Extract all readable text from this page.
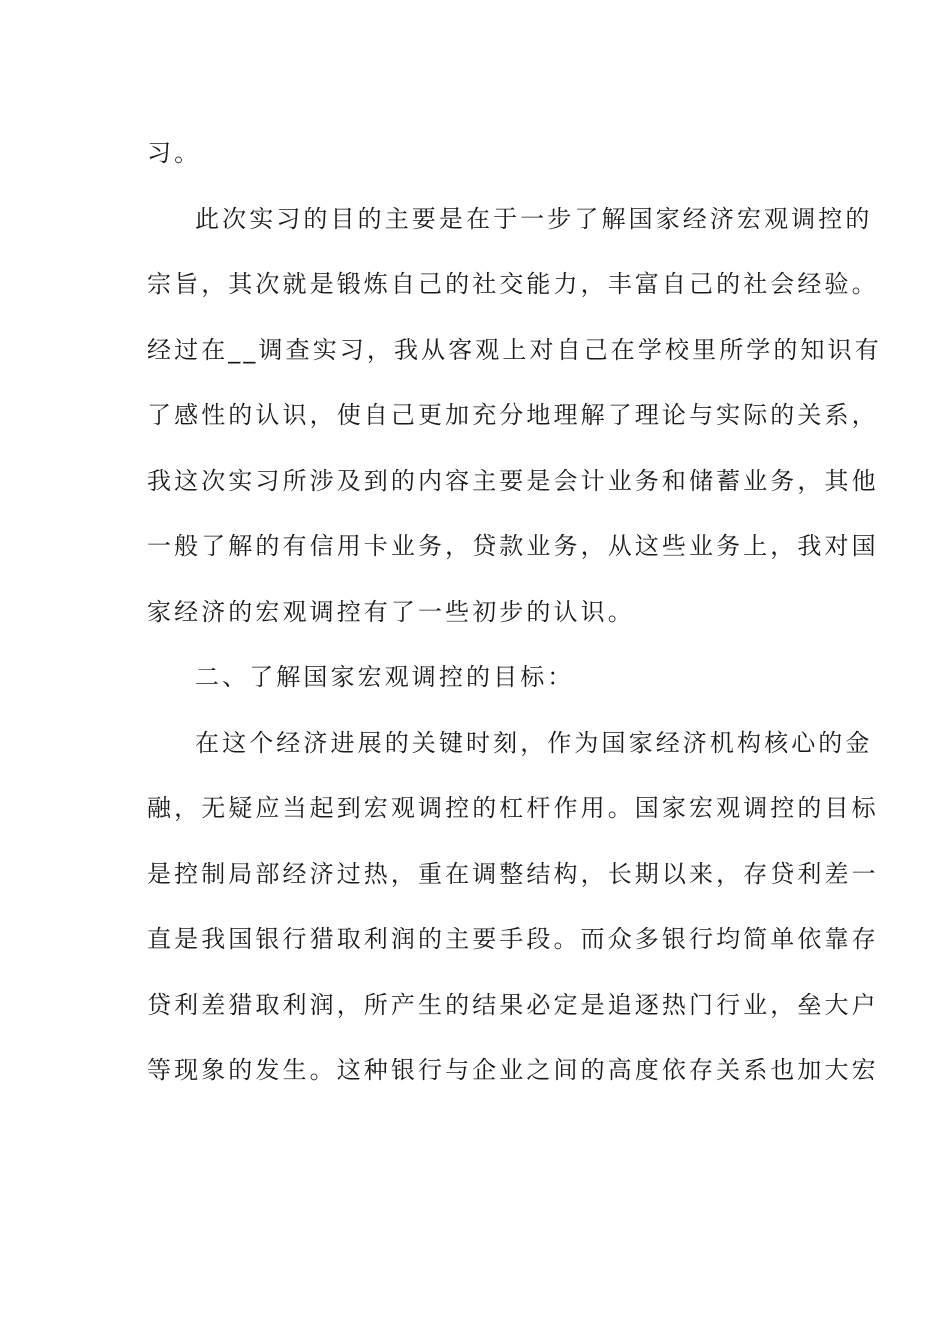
习。
此次实习的目的主要是在于一步了解国家经济宏观调控的
宗旨，其次就是锻炼自己的社交能力，丰富自己的社会经验。
经过在__调查实习，我从客观上对自己在学校里所学的知识有
了感性的认识，使自己更加充分地理解了理论与实际的关系，
我这次实习所涉及到的内容主要是会计业务和储蓄业务，其他
一般了解的有信用卡业务，贷款业务，从这些业务上，我对国
家经济的宏观调控有了一些初步的认识。
二、了解国家宏观调控的目标：
在这个经济进展的关键时刻，作为国家经济机构核心的金
融，无疑应当起到宏观调控的杠杆作用。国家宏观调控的目标
是控制局部经济过热，重在调整结构，长期以来，存贷利差一
直是我国银行猎取利润的主要手段。而众多银行均简单依靠存
贷利差猎取利润，所产生的结果必定是追逐热门行业，垒大户
等现象的发生。这种银行与企业之间的高度依存关系也加大宏
